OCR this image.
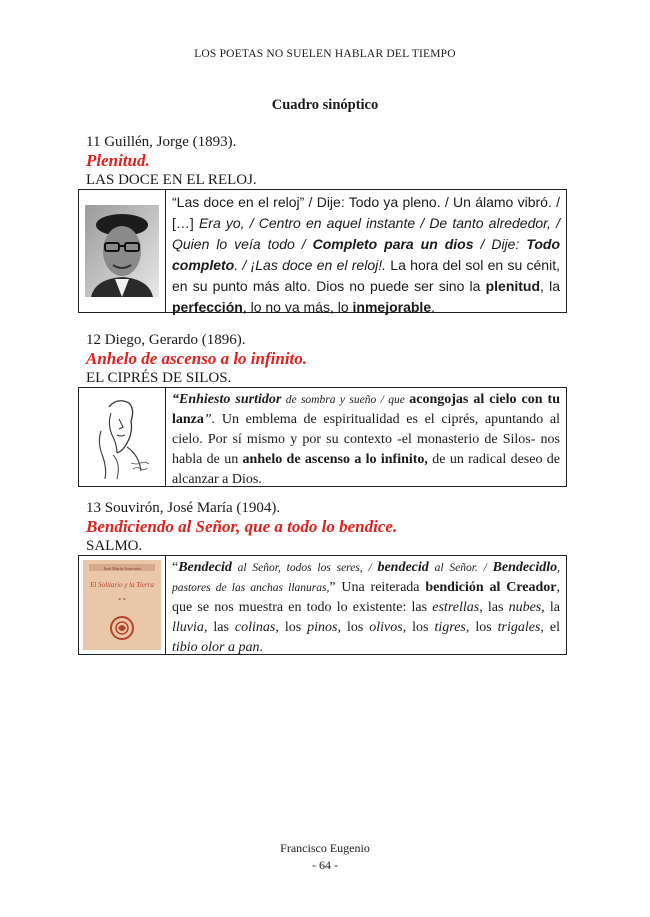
LOS POETAS NO SUELEN HABLAR DEL TIEMPO
Cuadro sinóptico
11 Guillén, Jorge (1893).
Plenitud.
LAS DOCE EN EL RELOJ.
“Las doce en el reloj” / Dije: Todo ya pleno. / Un álamo vibró. / […] Era yo, / Centro en aquel instante / De tanto alrededor, / Quien lo veía todo / Completo para un dios / Dije: Todo completo. / ¡Las doce en el reloj!. La hora del sol en su cénit, en su punto más alto. Dios no puede ser sino la plenitud, la perfección, lo no va más, lo inmejorable.
12 Diego, Gerardo (1896).
Anhelo de ascenso a lo infinito.
EL CIPRÉS DE SILOS.
“Enhiesto surtidor de sombra y sueño / que acongojas al cielo con tu lanza”. Un emblema de espiritualidad es el ciprés, apuntando al cielo. Por sí mismo y por su contexto -el monasterio de Silos- nos habla de un anhelo de ascenso a lo infinito, de un radical deseo de alcanzar a Dios.
13 Souvirón, José María (1904).
Bendiciendo al Señor, que a todo lo bendice.
SALMO.
José María Souvirón
El Solitario y la Tierra
* *
“Bendecid al Señor, todos los seres, / bendecid al Señor. / Bendecidlo, pastores de las anchas llanuras,” Una reiterada bendición al Creador, que se nos muestra en todo lo existente: las estrellas, las nubes, la lluvia, las colinas, los pinos, los olivos, los tigres, los trigales, el tibio olor a pan.
Francisco Eugenio
- 64 -
